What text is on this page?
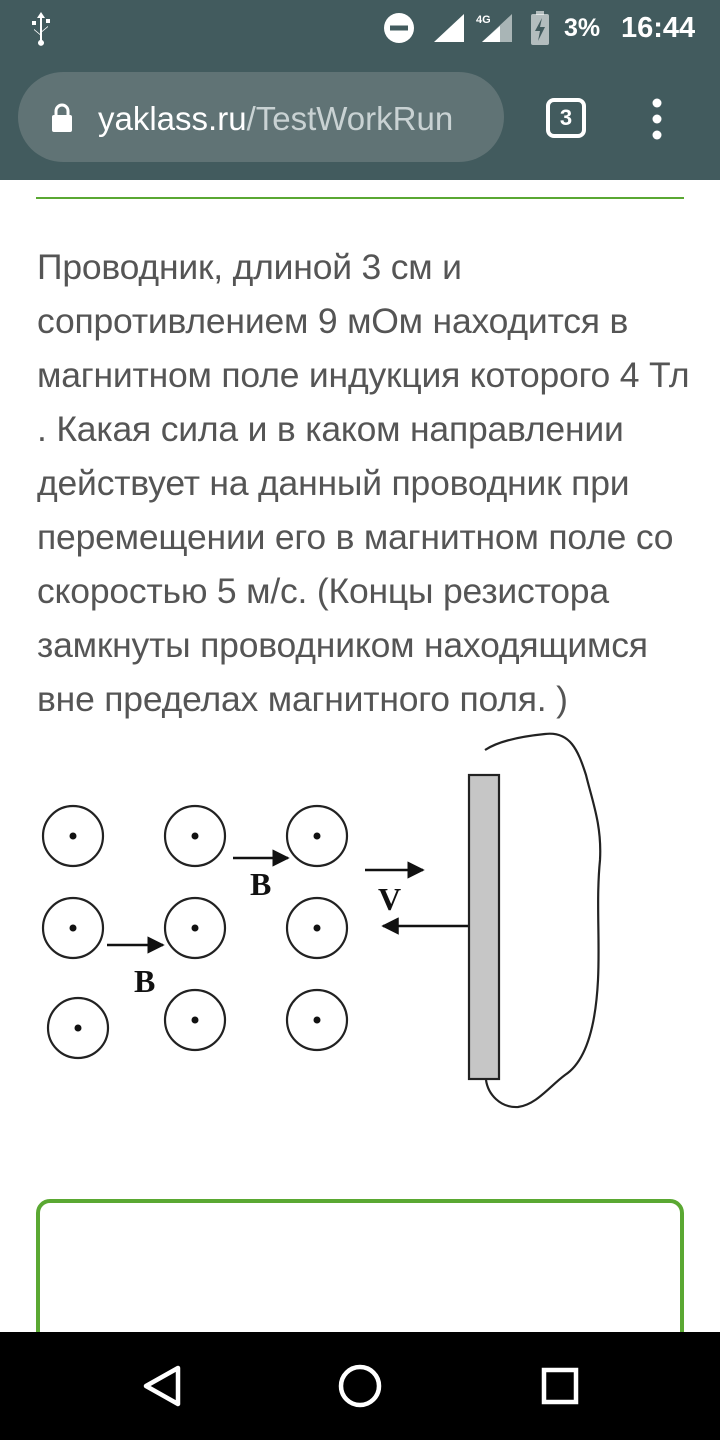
4G	3% 16:44
yaklass.ru/TestWorkRun	3
Проводник, длиной 3 см и сопротивлением 9 мОм находится в магнитном поле индукция которого 4 Тл . Какая сила и в каком направлении действует на данный проводник при перемещении его в магнитном поле со скоростью 5 м/с. (Концы резистора замкнуты проводником находящимся вне пределах магнитного поля. )
B
B
V
